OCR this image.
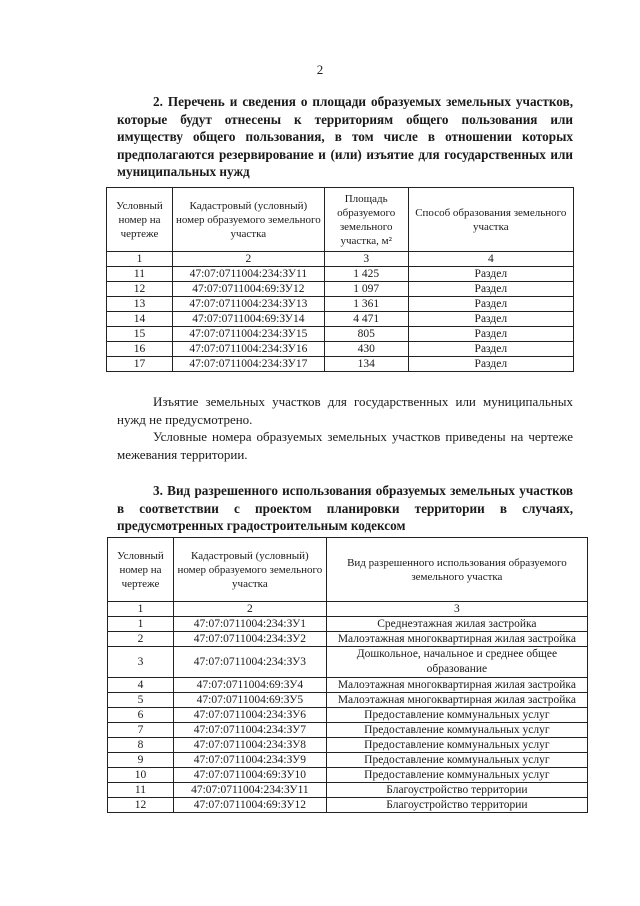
2
2. Перечень и сведения о площади образуемых земельных участков, которые будут отнесены к территориям общего пользования или имуществу общего пользования, в том числе в отношении которых предполагаются резервирование и (или) изъятие для государственных или муниципальных нужд
Условный номер на чертеже	Кадастровый (условный) номер образуемого земельного участка	Площадь образуемого земельного участка, м²	Способ образования земельного участка
1	2	3	4
11	47:07:0711004:234:ЗУ11	1 425	Раздел
12	47:07:0711004:69:ЗУ12	1 097	Раздел
13	47:07:0711004:234:ЗУ13	1 361	Раздел
14	47:07:0711004:69:ЗУ14	4 471	Раздел
15	47:07:0711004:234:ЗУ15	805	Раздел
16	47:07:0711004:234:ЗУ16	430	Раздел
17	47:07:0711004:234:ЗУ17	134	Раздел
Изъятие земельных участков для государственных или муниципальных нужд не предусмотрено.
Условные номера образуемых земельных участков приведены на чертеже межевания территории.
3. Вид разрешенного использования образуемых земельных участков в соответствии с проектом планировки территории в случаях, предусмотренных градостроительным кодексом
Условный номер на чертеже	Кадастровый (условный) номер образуемого земельного участка	Вид разрешенного использования образуемого земельного участка
1	2	3
1	47:07:0711004:234:ЗУ1	Среднеэтажная жилая застройка
2	47:07:0711004:234:ЗУ2	Малоэтажная многоквартирная жилая застройка
3	47:07:0711004:234:ЗУ3	Дошкольное, начальное и среднее общее образование
4	47:07:0711004:69:ЗУ4	Малоэтажная многоквартирная жилая застройка
5	47:07:0711004:69:ЗУ5	Малоэтажная многоквартирная жилая застройка
6	47:07:0711004:234:ЗУ6	Предоставление коммунальных услуг
7	47:07:0711004:234:ЗУ7	Предоставление коммунальных услуг
8	47:07:0711004:234:ЗУ8	Предоставление коммунальных услуг
9	47:07:0711004:234:ЗУ9	Предоставление коммунальных услуг
10	47:07:0711004:69:ЗУ10	Предоставление коммунальных услуг
11	47:07:0711004:234:ЗУ11	Благоустройство территории
12	47:07:0711004:69:ЗУ12	Благоустройство территории
